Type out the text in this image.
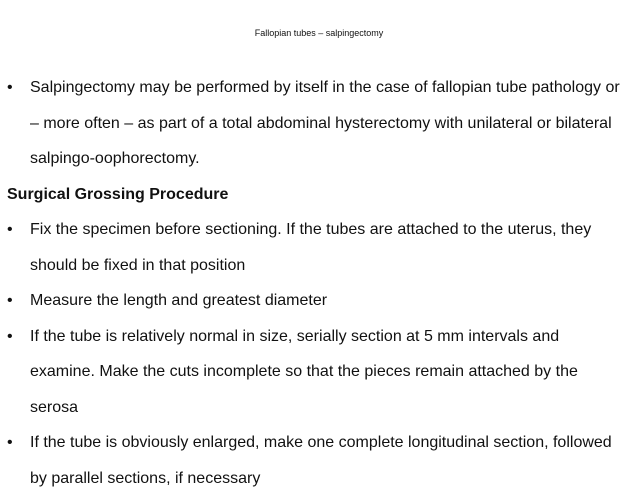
Fallopian tubes – salpingectomy
•	Salpingectomy may be performed by itself in the case of fallopian tube pathology or – more often – as part of a total abdominal hysterectomy with unilateral or bilateral salpingo-oophorectomy.
Surgical Grossing Procedure
•	Fix the specimen before sectioning. If the tubes are attached to the uterus, they should be fixed in that position
•	Measure the length and greatest diameter
•	If the tube is relatively normal in size, serially section at 5 mm intervals and examine. Make the cuts incomplete so that the pieces remain attached by the serosa
•	If the tube is obviously enlarged, make one complete longitudinal section, followed by parallel sections, if necessary
